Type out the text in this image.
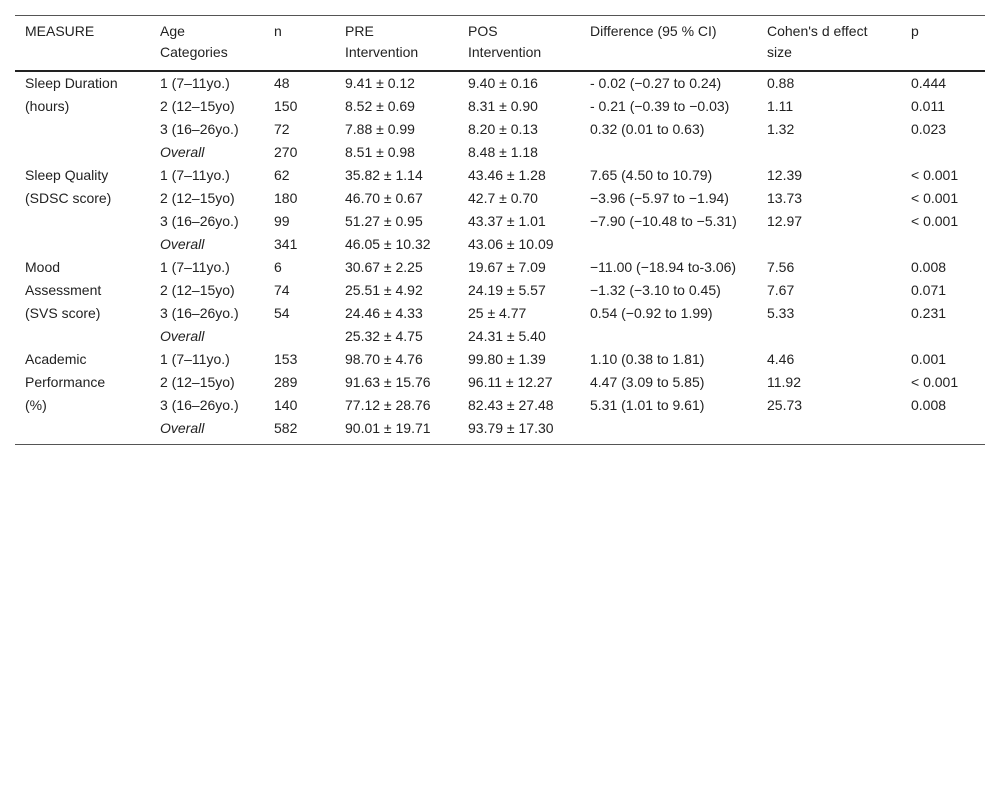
MEASURE	Age Categories	n	PRE Intervention	POS Intervention	Difference (95 % CI)	Cohen's d effect size	p
Sleep Duration	1 (7–11yo.)	48	9.41 ± 0.12	9.40 ± 0.16	- 0.02 (−0.27 to 0.24)	0.88	0.444
(hours)	2 (12–15yo)	150	8.52 ± 0.69	8.31 ± 0.90	- 0.21 (−0.39 to −0.03)	1.11	0.011
	3 (16–26yo.)	72	7.88 ± 0.99	8.20 ± 0.13	0.32 (0.01 to 0.63)	1.32	0.023
	Overall	270	8.51 ± 0.98	8.48 ± 1.18			
Sleep Quality	1 (7–11yo.)	62	35.82 ± 1.14	43.46 ± 1.28	7.65 (4.50 to 10.79)	12.39	< 0.001
(SDSC score)	2 (12–15yo)	180	46.70 ± 0.67	42.7 ± 0.70	−3.96 (−5.97 to −1.94)	13.73	< 0.001
	3 (16–26yo.)	99	51.27 ± 0.95	43.37 ± 1.01	−7.90 (−10.48 to −5.31)	12.97	< 0.001
	Overall	341	46.05 ± 10.32	43.06 ± 10.09			
Mood	1 (7–11yo.)	6	30.67 ± 2.25	19.67 ± 7.09	−11.00 (−18.94 to-3.06)	7.56	0.008
Assessment	2 (12–15yo)	74	25.51 ± 4.92	24.19 ± 5.57	−1.32 (−3.10 to 0.45)	7.67	0.071
(SVS score)	3 (16–26yo.)	54	24.46 ± 4.33	25 ± 4.77	0.54 (−0.92 to 1.99)	5.33	0.231
	Overall		25.32 ± 4.75	24.31 ± 5.40			
Academic	1 (7–11yo.)	153	98.70 ± 4.76	99.80 ± 1.39	1.10 (0.38 to 1.81)	4.46	0.001
Performance	2 (12–15yo)	289	91.63 ± 15.76	96.11 ± 12.27	4.47 (3.09 to 5.85)	11.92	< 0.001
(%)	3 (16–26yo.)	140	77.12 ± 28.76	82.43 ± 27.48	5.31 (1.01 to 9.61)	25.73	0.008
	Overall	582	90.01 ± 19.71	93.79 ± 17.30			
